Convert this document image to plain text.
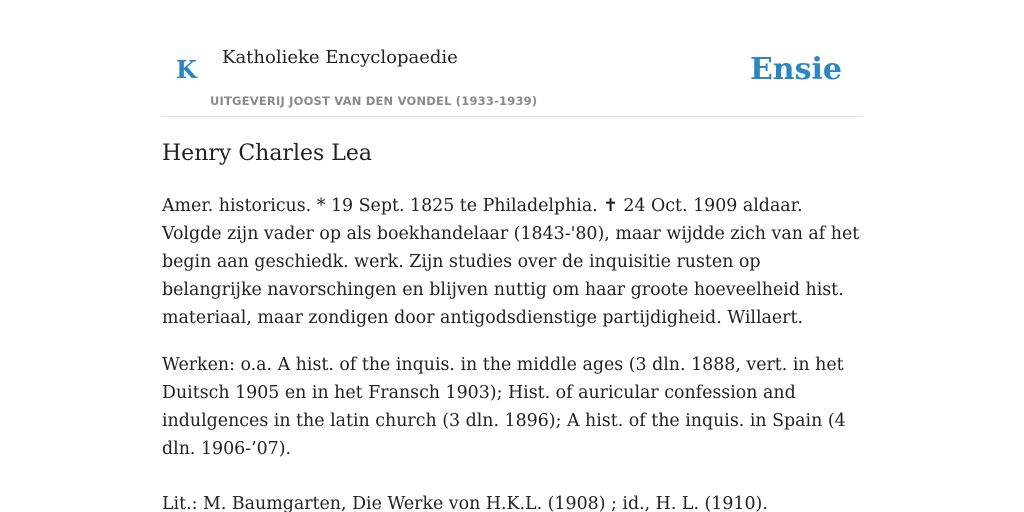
K Katholieke Encyclopaedie
UITGEVERIJ JOOST VAN DEN VONDEL (1933-1939)
Ensie
Henry Charles Lea

Amer. historicus. * 19 Sept. 1825 te Philadelphia. ✝ 24 Oct. 1909 aldaar. Volgde zijn vader op als boekhandelaar (1843-'80), maar wijdde zich van af het begin aan geschiedk. werk. Zijn studies over de inquisitie rusten op belangrijke navorschingen en blijven nuttig om haar groote hoeveelheid hist. materiaal, maar zondigen door antigodsdienstige partijdigheid. Willaert.

Werken: o.a. A hist. of the inquis. in the middle ages (3 dln. 1888, vert. in het Duitsch 1905 en in het Fransch 1903); Hist. of auricular confession and indulgences in the latin church (3 dln. 1896); A hist. of the inquis. in Spain (4 dln. 1906-’07).

Lit.: M. Baumgarten, Die Werke von H.K.L. (1908) ; id., H. L. (1910).
